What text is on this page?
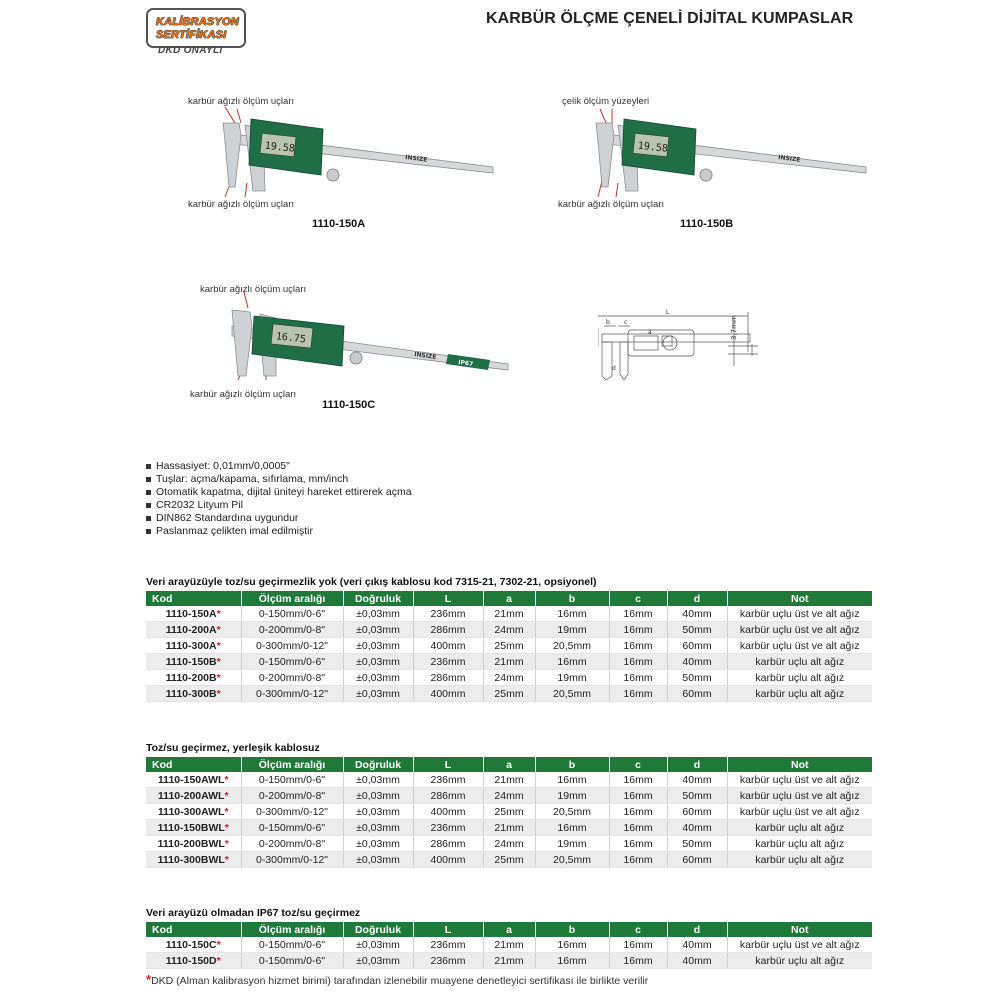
KALİBRASYON
SERTİFİKASI
DKD ONAYLI
KARBÜR ÖLÇME ÇENELİ DİJİTAL KUMPASLAR
karbür ağızlı ölçüm uçları
karbür ağızlı ölçüm uçları
1110-150A
19.58
INSIZE
çelik ölçüm yüzeyleri
karbür ağızlı ölçüm uçları
1110-150B
19.58
INSIZE
karbür ağızlı ölçüm uçları
karbür ağızlı ölçüm uçları
1110-150C
16.75
IP67
INSIZE
L
b c
a
d
3,7mm
Hassasiyet: 0,01mm/0,0005"
Tuşlar: açma/kapama, sıfırlama, mm/inch
Otomatik kapatma, dijital üniteyi hareket ettirerek açma
CR2032 Lityum Pil
DIN862 Standardına uygundur
Paslanmaz çelikten imal edilmiştir
Veri arayüzüyle toz/su geçirmezlik yok (veri çıkış kablosu kod 7315-21, 7302-21, opsiyonel)
Toz/su geçirmez, yerleşik kablosuz
Veri arayüzü olmadan IP67 toz/su geçirmez
Kod	Ölçüm aralığı	Doğruluk	L	a	b	c	d	Not
1110-150A*	0-150mm/0-6"	±0,03mm	236mm	21mm	16mm	16mm	40mm	karbür uçlu üst ve alt ağız
1110-200A*	0-200mm/0-8"	±0,03mm	286mm	24mm	19mm	16mm	50mm	karbür uçlu üst ve alt ağız
1110-300A*	0-300mm/0-12"	±0,03mm	400mm	25mm	20,5mm	16mm	60mm	karbür uçlu üst ve alt ağız
1110-150B*	0-150mm/0-6"	±0,03mm	236mm	21mm	16mm	16mm	40mm	karbür uçlu alt ağız
1110-200B*	0-200mm/0-8"	±0,03mm	286mm	24mm	19mm	16mm	50mm	karbür uçlu alt ağız
1110-300B*	0-300mm/0-12"	±0,03mm	400mm	25mm	20,5mm	16mm	60mm	karbür uçlu alt ağız
Kod	Ölçüm aralığı	Doğruluk	L	a	b	c	d	Not
1110-150AWL*	0-150mm/0-6"	±0,03mm	236mm	21mm	16mm	16mm	40mm	karbür uçlu üst ve alt ağız
1110-200AWL*	0-200mm/0-8"	±0,03mm	286mm	24mm	19mm	16mm	50mm	karbür uçlu üst ve alt ağız
1110-300AWL*	0-300mm/0-12"	±0,03mm	400mm	25mm	20,5mm	16mm	60mm	karbür uçlu üst ve alt ağız
1110-150BWL*	0-150mm/0-6"	±0,03mm	236mm	21mm	16mm	16mm	40mm	karbür uçlu alt ağız
1110-200BWL*	0-200mm/0-8"	±0,03mm	286mm	24mm	19mm	16mm	50mm	karbür uçlu alt ağız
1110-300BWL*	0-300mm/0-12"	±0,03mm	400mm	25mm	20,5mm	16mm	60mm	karbür uçlu alt ağız
Kod	Ölçüm aralığı	Doğruluk	L	a	b	c	d	Not
1110-150C*	0-150mm/0-6"	±0,03mm	236mm	21mm	16mm	16mm	40mm	karbür uçlu üst ve alt ağız
1110-150D*	0-150mm/0-6"	±0,03mm	236mm	21mm	16mm	16mm	40mm	karbür uçlu alt ağız
*DKD (Alman kalibrasyon hizmet birimi) tarafından izlenebilir muayene denetleyici sertifikası ile birlikte verilir
